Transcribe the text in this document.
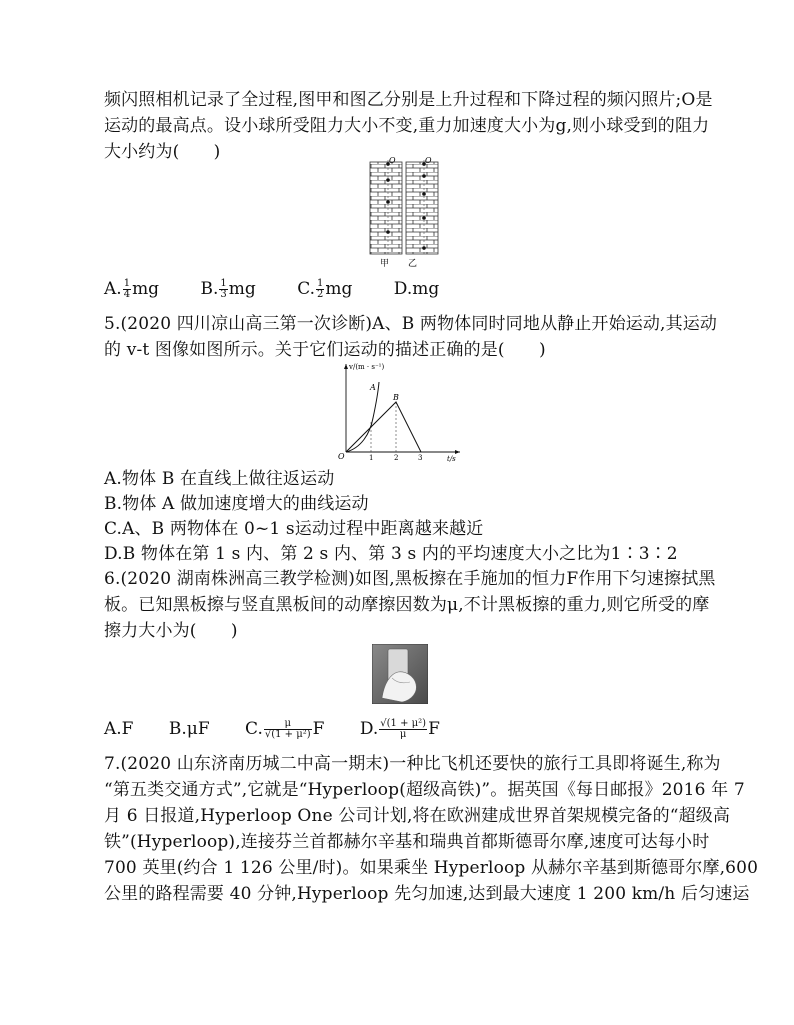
频闪照相机记录了全过程,图甲和图乙分别是上升过程和下降过程的频闪照片;O是
运动的最高点。设小球所受阻力大小不变,重力加速度大小为g,则小球受到的阻力
大小约为(　　)	O	O
甲 乙
A. $\frac{1}{4}$ mg B. $\frac{1}{3}$ mg C. $\frac{1}{2}$ mg D.mg
5.(2020 四川凉山高三第一次诊断)A、B 两物体同时同地从静止开始运动,其运动
的 v-t 图像如图所示。关于它们运动的描述正确的是(　　)
v/(m · s⁻¹)
t/s
O	1	2	3
A
B
A.物体 B 在直线上做往返运动
B.物体 A 做加速度增大的曲线运动
C.A、B 两物体在 0~1 s运动过程中距离越来越近
D.B 物体在第 1 s 内、第 2 s 内、第 3 s 内的平均速度大小之比为1∶3∶2
6.(2020 湖南株洲高三教学检测)如图,黑板擦在手施加的恒力F作用下匀速擦拭黑
板。已知黑板擦与竖直黑板间的动摩擦因数为μ,不计黑板擦的重力,则它所受的摩
擦力大小为(　　)
A.F B.μF C. $\frac{\mu}{\text{√(1 + μ²)}}$ F D. $\frac{\text{√(1 + μ²)}}{\mu}$ F
7.(2020 山东济南历城二中高一期末)一种比飞机还要快的旅行工具即将诞生,称为
“第五类交通方式”,它就是“Hyperloop(超级高铁)”。据英国《每日邮报》2016 年 7
月 6 日报道,Hyperloop One 公司计划,将在欧洲建成世界首架规模完备的“超级高
铁”(Hyperloop),连接芬兰首都赫尔辛基和瑞典首都斯德哥尔摩,速度可达每小时
700 英里(约合 1 126 公里/时)。如果乘坐 Hyperloop 从赫尔辛基到斯德哥尔摩,600
公里的路程需要 40 分钟,Hyperloop 先匀加速,达到最大速度 1 200 km/h 后匀速运
